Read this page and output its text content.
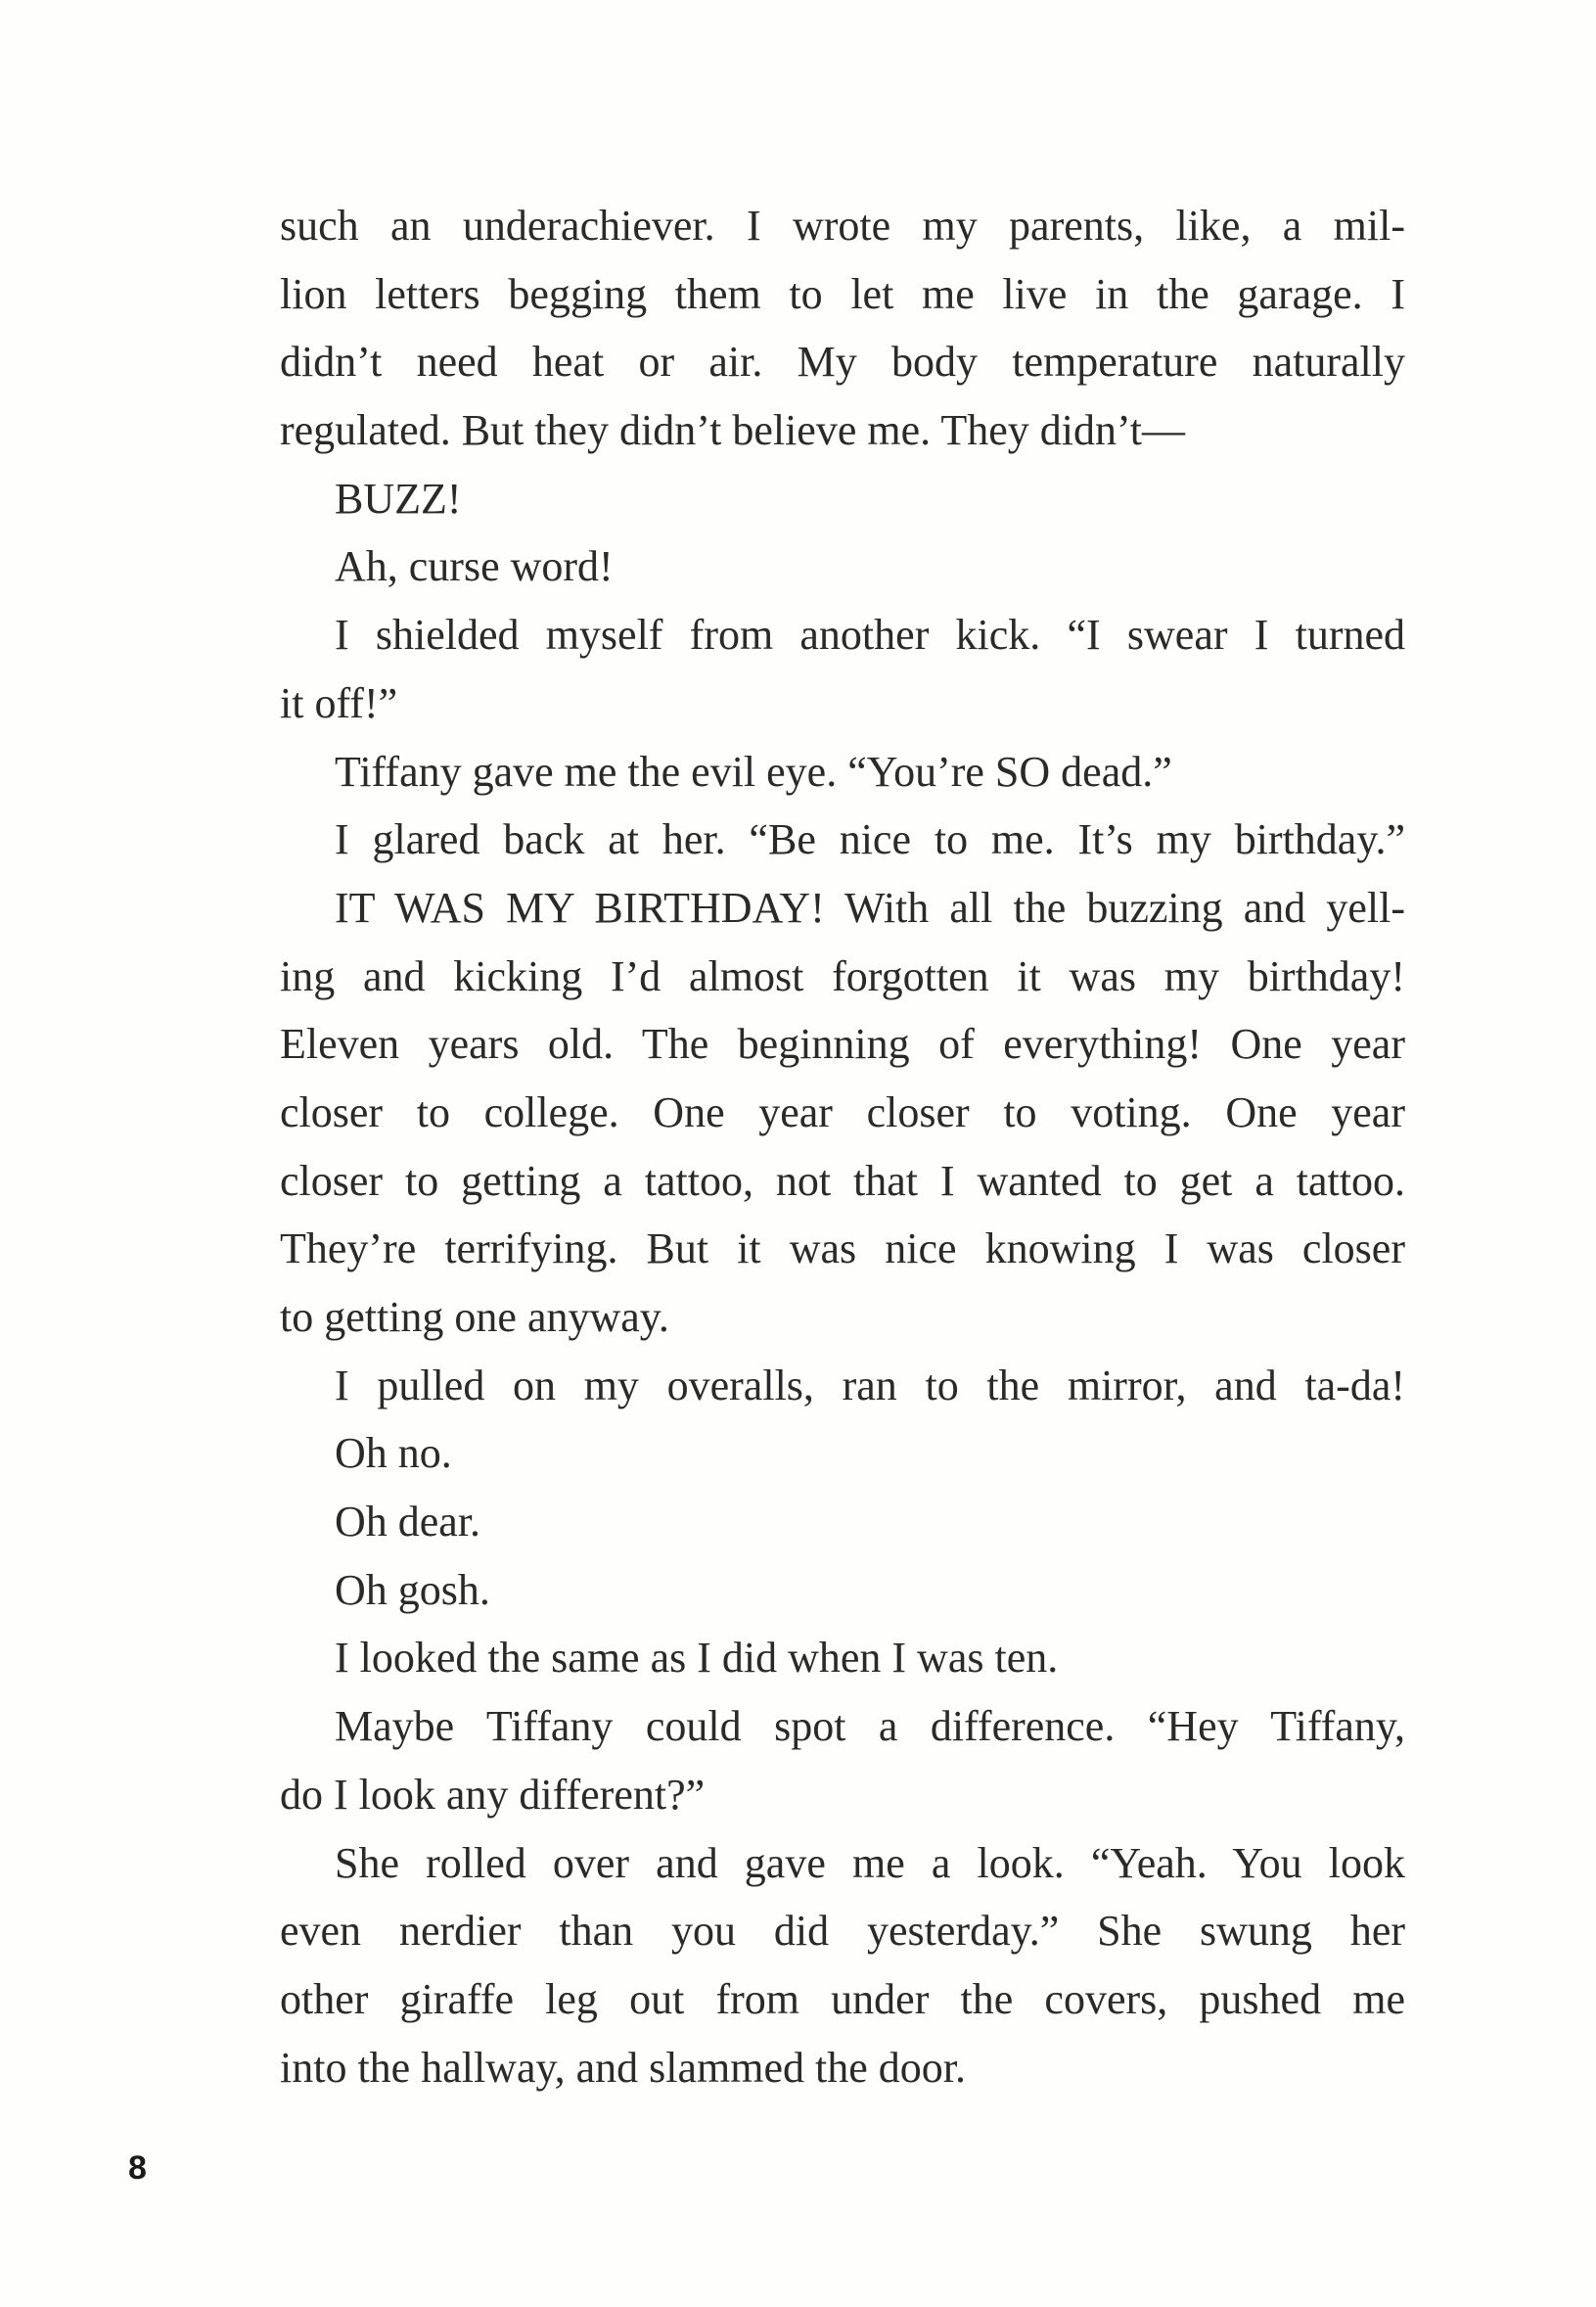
such an underachiever. I wrote my parents, like, a mil-
lion letters begging them to let me live in the garage. I
didn’t need heat or air. My body temperature naturally
regulated. But they didn’t believe me. They didn’t—
BUZZ!
Ah, curse word!
I shielded myself from another kick. “I swear I turned
it off!”
Tiffany gave me the evil eye. “You’re SO dead.”
I glared back at her. “Be nice to me. It’s my birthday.”
IT WAS MY BIRTHDAY! With all the buzzing and yell-
ing and kicking I’d almost forgotten it was my birthday!
Eleven years old. The beginning of everything! One year
closer to college. One year closer to voting. One year
closer to getting a tattoo, not that I wanted to get a tattoo.
They’re terrifying. But it was nice knowing I was closer
to getting one anyway.
I pulled on my overalls, ran to the mirror, and ta-da!
Oh no.
Oh dear.
Oh gosh.
I looked the same as I did when I was ten.
Maybe Tiffany could spot a difference. “Hey Tiffany,
do I look any different?”
She rolled over and gave me a look. “Yeah. You look
even nerdier than you did yesterday.” She swung her
other giraffe leg out from under the covers, pushed me
into the hallway, and slammed the door.
8
